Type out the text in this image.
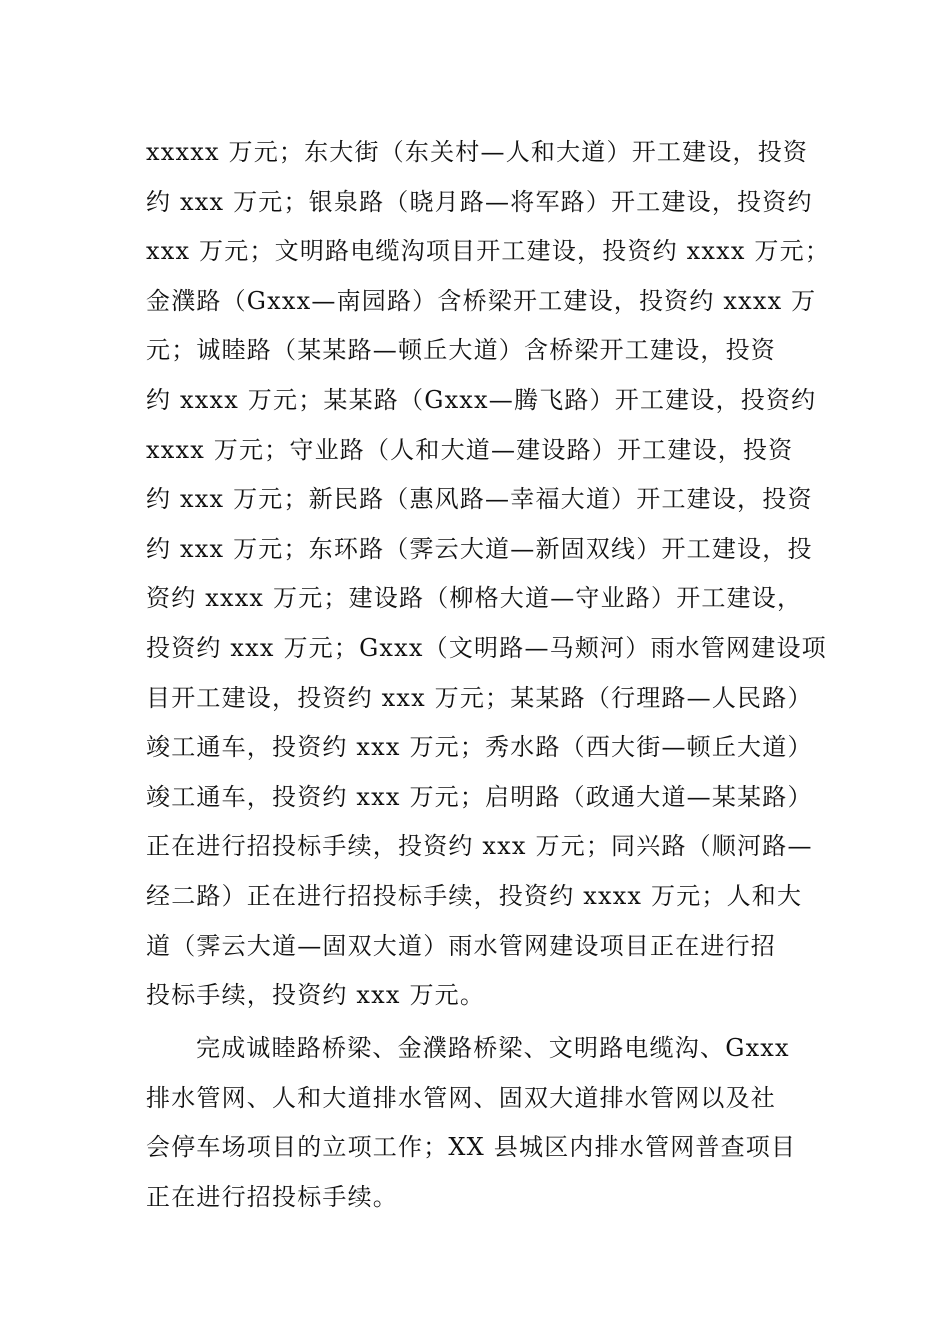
xxxxx 万元；东大街（东关村—人和大道）开工建设，投资
约 xxx 万元；银泉路（晓月路—将军路）开工建设，投资约
xxx 万元；文明路电缆沟项目开工建设，投资约 xxxx 万元；
金濮路（Gxxx—南园路）含桥梁开工建设，投资约 xxxx 万
元；诚睦路（某某路—顿丘大道）含桥梁开工建设，投资
约 xxxx 万元；某某路（Gxxx—腾飞路）开工建设，投资约
xxxx 万元；守业路（人和大道—建设路）开工建设，投资
约 xxx 万元；新民路（惠风路—幸福大道）开工建设，投资
约 xxx 万元；东环路（霁云大道—新固双线）开工建设，投
资约 xxxx 万元；建设路（柳格大道—守业路）开工建设，
投资约 xxx 万元；Gxxx（文明路—马颊河）雨水管网建设项
目开工建设，投资约 xxx 万元；某某路（行理路—人民路）
竣工通车，投资约 xxx 万元；秀水路（西大街—顿丘大道）
竣工通车，投资约 xxx 万元；启明路（政通大道—某某路）
正在进行招投标手续，投资约 xxx 万元；同兴路（顺河路—
经二路）正在进行招投标手续，投资约 xxxx 万元；人和大
道（霁云大道—固双大道）雨水管网建设项目正在进行招
投标手续，投资约 xxx 万元。
完成诚睦路桥梁、金濮路桥梁、文明路电缆沟、Gxxx
排水管网、人和大道排水管网、固双大道排水管网以及社
会停车场项目的立项工作；XX 县城区内排水管网普查项目
正在进行招投标手续。
